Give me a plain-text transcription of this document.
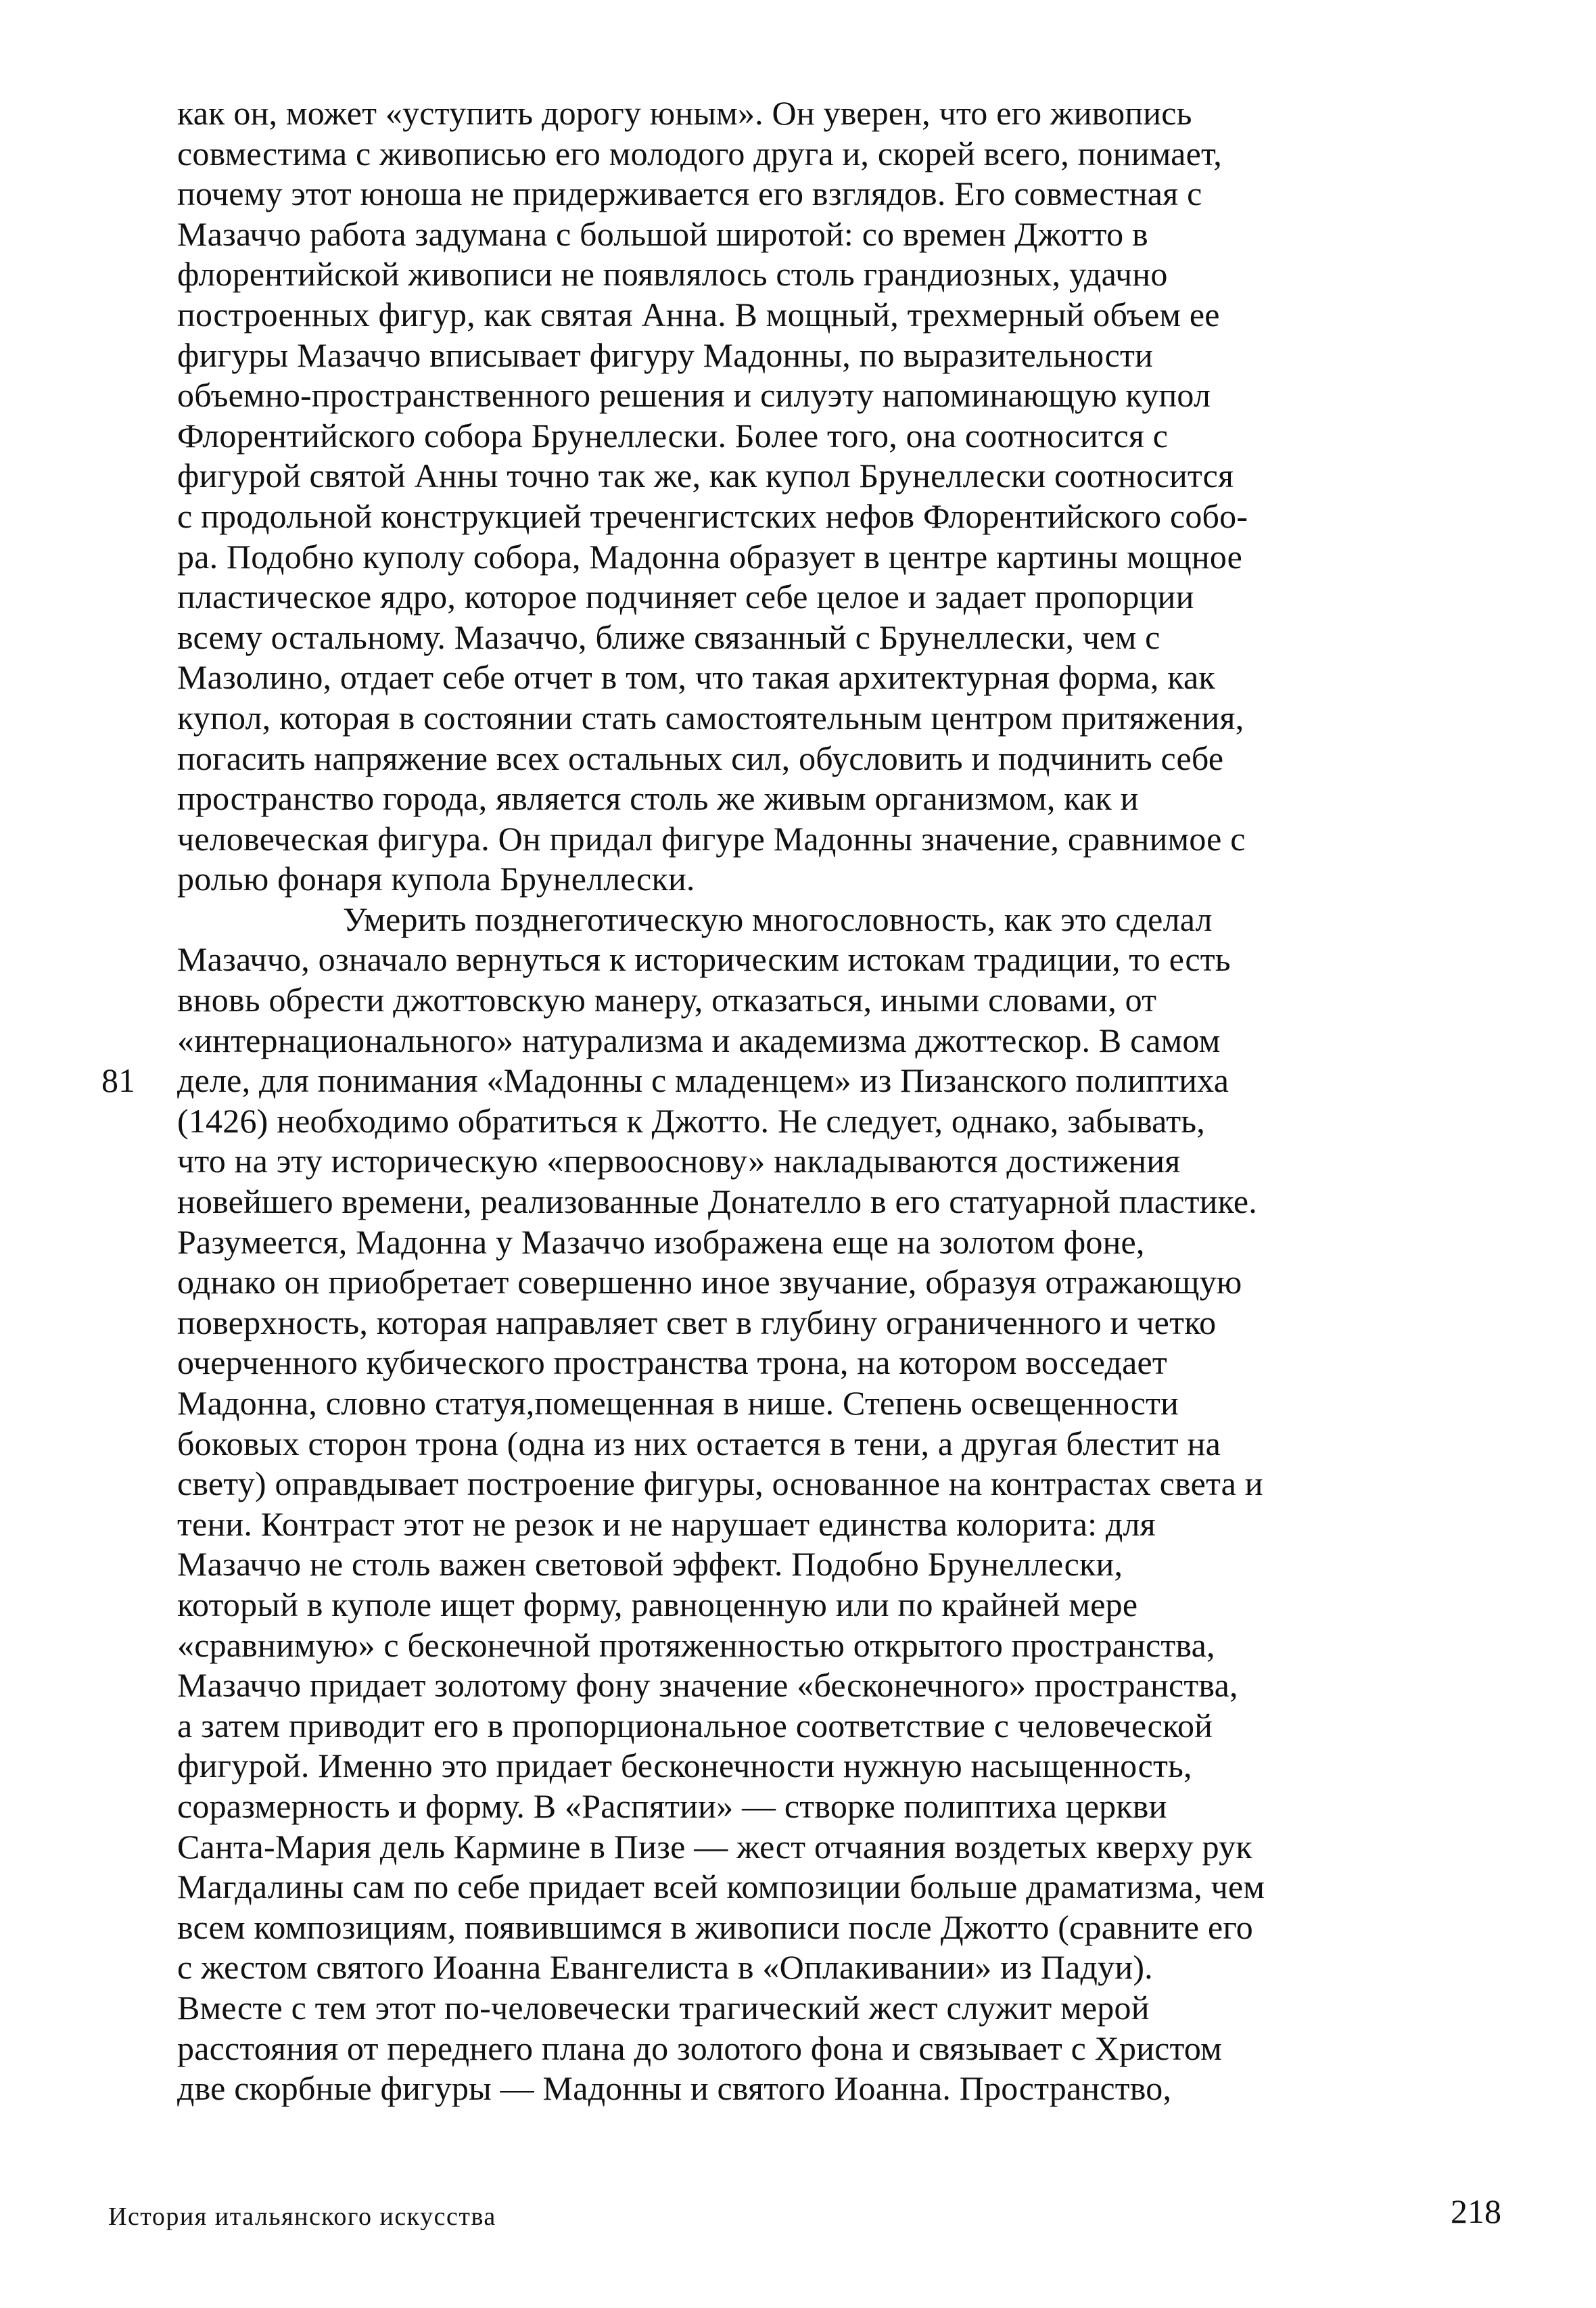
как он, может «уступить дорогу юным». Он уверен, что его живопись
совместима с живописью его молодого друга и, скорей всего, понимает,
почему этот юноша не придерживается его взглядов. Его совместная с
Мазаччо работа задумана с большой широтой: со времен Джотто в
флорентийской живописи не появлялось столь грандиозных, удачно
построенных фигур, как святая Анна. В мощный, трехмерный объем ее
фигуры Мазаччо вписывает фигуру Мадонны, по выразительности
объемно-пространственного решения и силуэту напоминающую купол
Флорентийского собора Брунеллески. Более того, она соотносится с
фигурой святой Анны точно так же, как купол Брунеллески соотносится
с продольной конструкцией треченгистских нефов Флорентийского собо-
ра. Подобно куполу собора, Мадонна образует в центре картины мощное
пластическое ядро, которое подчиняет себе целое и задает пропорции
всему остальному. Мазаччо, ближе связанный с Брунеллески, чем с
Мазолино, отдает себе отчет в том, что такая архитектурная форма, как
купол, которая в состоянии стать самостоятельным центром притяжения,
погасить напряжение всех остальных сил, обусловить и подчинить себе
пространство города, является столь же живым организмом, как и
человеческая фигура. Он придал фигуре Мадонны значение, сравнимое с
ролью фонаря купола Брунеллески.
Умерить позднеготическую многословность, как это сделал
Мазаччо, означало вернуться к историческим истокам традиции, то есть
вновь обрести джоттовскую манеру, отказаться, иными словами, от
«интернационального» натурализма и академизма джоттескор. В самом
деле, для понимания «Мадонны с младенцем» из Пизанского полиптиха
(1426) необходимо обратиться к Джотто. Не следует, однако, забывать,
что на эту историческую «первооснову» накладываются достижения
новейшего времени, реализованные Донателло в его статуарной пластике.
Разумеется, Мадонна у Мазаччо изображена еще на золотом фоне,
однако он приобретает совершенно иное звучание, образуя отражающую
поверхность, которая направляет свет в глубину ограниченного и четко
очерченного кубического пространства трона, на котором восседает
Мадонна, словно статуя,помещенная в нише. Степень освещенности
боковых сторон трона (одна из них остается в тени, а другая блестит на
свету) оправдывает построение фигуры, основанное на контрастах света и
тени. Контраст этот не резок и не нарушает единства колорита: для
Мазаччо не столь важен световой эффект. Подобно Брунеллески,
который в куполе ищет форму, равноценную или по крайней мере
«сравнимую» с бесконечной протяженностью открытого пространства,
Мазаччо придает золотому фону значение «бесконечного» пространства,
а затем приводит его в пропорциональное соответствие с человеческой
фигурой. Именно это придает бесконечности нужную насыщенность,
соразмерность и форму. В «Распятии» — створке полиптиха церкви
Санта-Мария дель Кармине в Пизе — жест отчаяния воздетых кверху рук
Магдалины сам по себе придает всей композиции больше драматизма, чем
всем композициям, появившимся в живописи после Джотто (сравните его
с жестом святого Иоанна Евангелиста в «Оплакивании» из Падуи).
Вместе с тем этот по-человечески трагический жест служит мерой
расстояния от переднего плана до золотого фона и связывает с Христом
две скорбные фигуры — Мадонны и святого Иоанна. Пространство,
81
История итальянского искусства	218
